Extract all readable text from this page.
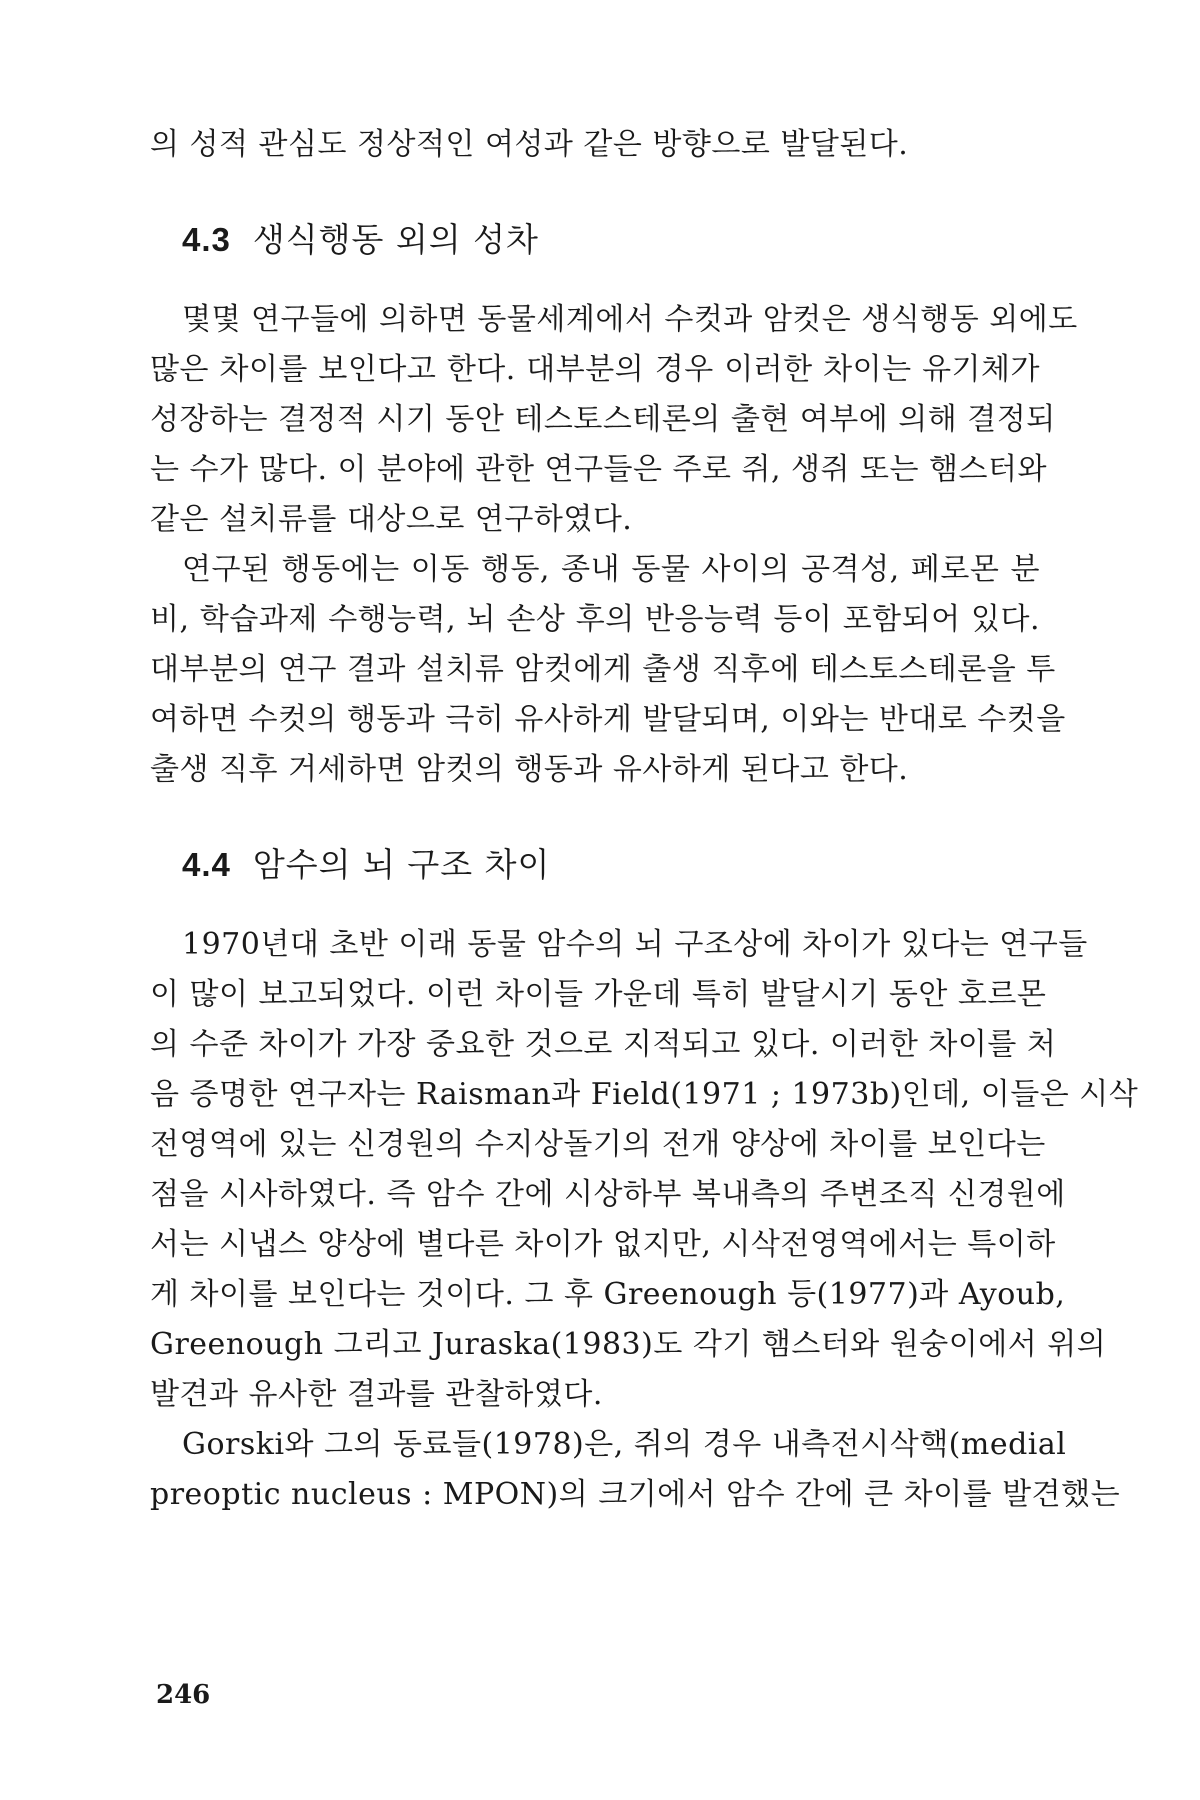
의 성적 관심도 정상적인 여성과 같은 방향으로 발달된다.
4.3 생식행동 외의 성차
몇몇 연구들에 의하면 동물세계에서 수컷과 암컷은 생식행동 외에도
많은 차이를 보인다고 한다. 대부분의 경우 이러한 차이는 유기체가
성장하는 결정적 시기 동안 테스토스테론의 출현 여부에 의해 결정되
는 수가 많다. 이 분야에 관한 연구들은 주로 쥐, 생쥐 또는 햄스터와
같은 설치류를 대상으로 연구하였다.
연구된 행동에는 이동 행동, 종내 동물 사이의 공격성, 페로몬 분
비, 학습과제 수행능력, 뇌 손상 후의 반응능력 등이 포함되어 있다.
대부분의 연구 결과 설치류 암컷에게 출생 직후에 테스토스테론을 투
여하면 수컷의 행동과 극히 유사하게 발달되며, 이와는 반대로 수컷을
출생 직후 거세하면 암컷의 행동과 유사하게 된다고 한다.
4.4 암수의 뇌 구조 차이
1970년대 초반 이래 동물 암수의 뇌 구조상에 차이가 있다는 연구들
이 많이 보고되었다. 이런 차이들 가운데 특히 발달시기 동안 호르몬
의 수준 차이가 가장 중요한 것으로 지적되고 있다. 이러한 차이를 처
음 증명한 연구자는 Raisman과 Field(1971 ; 1973b)인데, 이들은 시삭
전영역에 있는 신경원의 수지상돌기의 전개 양상에 차이를 보인다는
점을 시사하였다. 즉 암수 간에 시상하부 복내측의 주변조직 신경원에
서는 시냅스 양상에 별다른 차이가 없지만, 시삭전영역에서는 특이하
게 차이를 보인다는 것이다. 그 후 Greenough 등(1977)과 Ayoub,
Greenough 그리고 Juraska(1983)도 각기 햄스터와 원숭이에서 위의
발견과 유사한 결과를 관찰하였다.
Gorski와 그의 동료들(1978)은, 쥐의 경우 내측전시삭핵(medial
preoptic nucleus : MPON)의 크기에서 암수 간에 큰 차이를 발견했는
246
